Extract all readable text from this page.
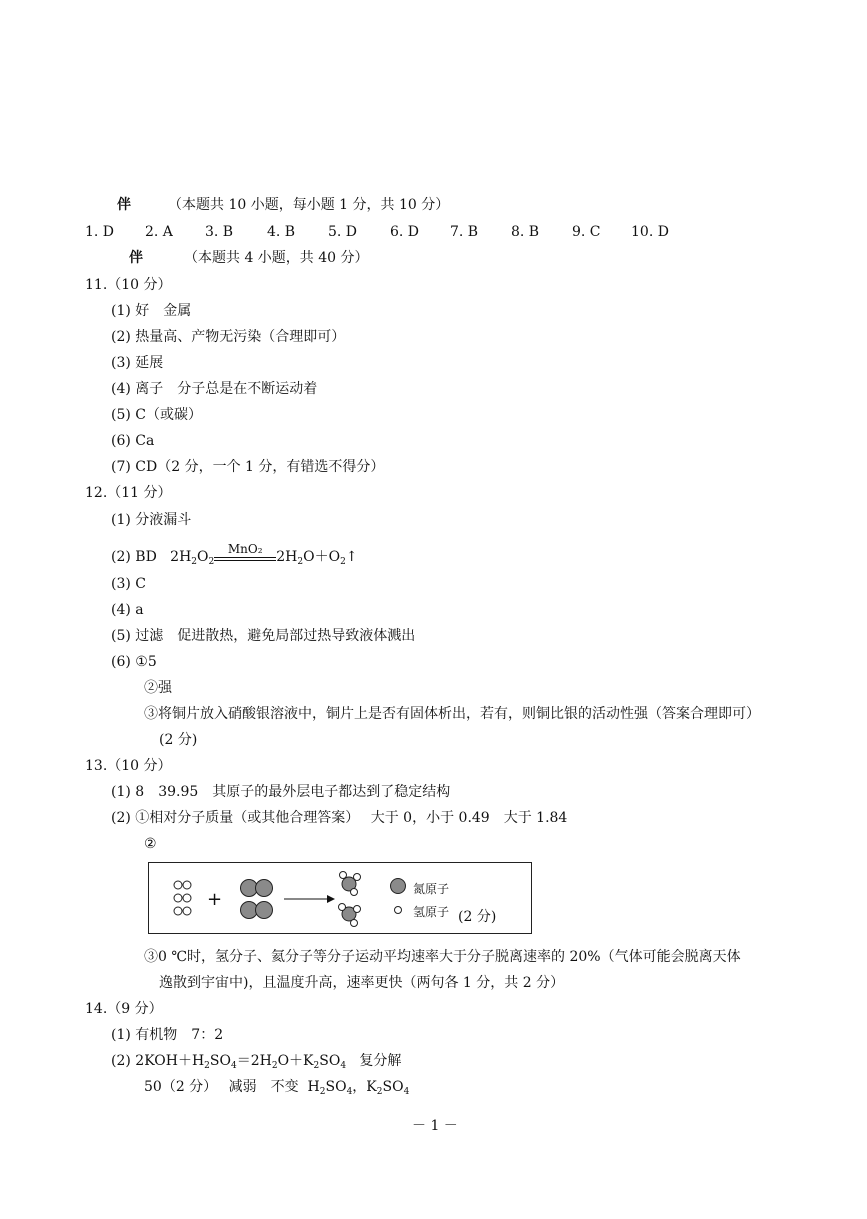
伴	（本题共 10 小题，每小题 1 分，共 10 分）
1. D 2. A 3. B 4. B 5. D 6. D 7. B 8. B 9. C 10. D
伴	（本题共 4 小题，共 40 分）
11.（10 分）
(1) 好　金属
(2) 热量高、产物无污染（合理即可）
(3) 延展
(4) 离子　分子总是在不断运动着
(5) C（或碳）
(6) Ca
(7) CD（2 分，一个 1 分，有错选不得分）
12.（11 分）
(1) 分液漏斗
(2) BD $2H_2O_2$
MnO₂ $2H_2O+O_2↑$
(3) C
(4) a
(5) 过滤　促进散热，避免局部过热导致液体溅出
(6) ①5
②强
③将铜片放入硝酸银溶液中，铜片上是否有固体析出，若有，则铜比银的活动性强（答案合理即可）
(2 分)
13.（10 分）
(1) 8　39.95　其原子的最外层电子都达到了稳定结构
(2) ①相对分子质量（或其他合理答案）　 大于 0，小于 0.49　大于 1.84
②
+	氮原子
氢原子 (2 分)
③0 ℃时，氢分子、氦分子等分子运动平均速率大于分子脱离速率的 20%（气体可能会脱离天体
逸散到宇宙中)，且温度升高，速率更快（两句各 1 分，共 2 分）
14.（9 分）
(1) 有机物　7：2
(2) $2KOH+H_2SO_4=2H_2O+K_2SO_4$ 复分解
50（2 分）　 减弱　不变 $H_2SO_4$，$K_2SO_4$
－ 1 －
